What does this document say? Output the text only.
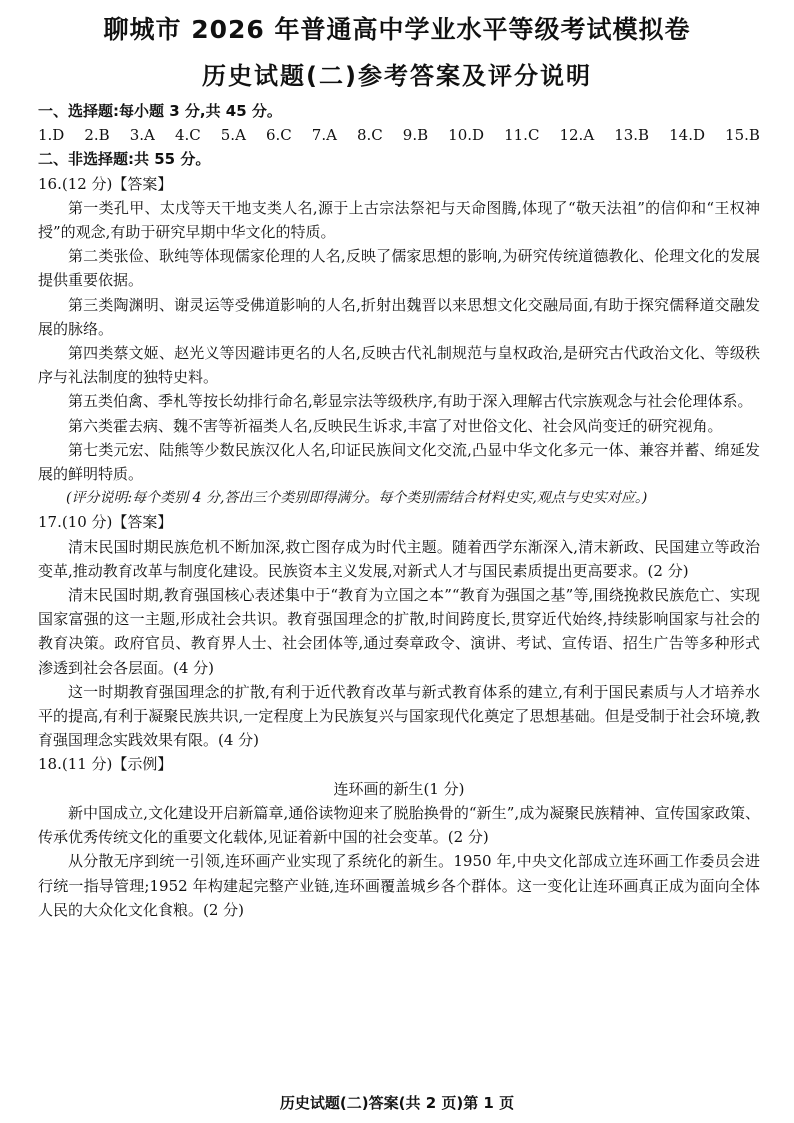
聊城市 2026 年普通高中学业水平等级考试模拟卷
历史试题(二)参考答案及评分说明

一、选择题:每小题 3 分,共 45 分。

1.D 2.B 3.A 4.C 5.A 6.C 7.A 8.C 9.B 10.D 11.C 12.A 13.B 14.D 15.B

二、非选择题:共 55 分。

16.(12 分)【答案】

第一类孔甲、太戊等天干地支类人名,源于上古宗法祭祀与天命图腾,体现了“敬天法祖”的信仰和“王权神授”的观念,有助于研究早期中华文化的特质。

第二类张俭、耿纯等体现儒家伦理的人名,反映了儒家思想的影响,为研究传统道德教化、伦理文化的发展提供重要依据。

第三类陶渊明、谢灵运等受佛道影响的人名,折射出魏晋以来思想文化交融局面,有助于探究儒释道交融发展的脉络。

第四类蔡文姬、赵光义等因避讳更名的人名,反映古代礼制规范与皇权政治,是研究古代政治文化、等级秩序与礼法制度的独特史料。

第五类伯禽、季札等按长幼排行命名,彰显宗法等级秩序,有助于深入理解古代宗族观念与社会伦理体系。

第六类霍去病、魏不害等祈福类人名,反映民生诉求,丰富了对世俗文化、社会风尚变迁的研究视角。

第七类元宏、陆熊等少数民族汉化人名,印证民族间文化交流,凸显中华文化多元一体、兼容并蓄、绵延发展的鲜明特质。

(评分说明:每个类别 4 分,答出三个类别即得满分。每个类别需结合材料史实,观点与史实对应。)

17.(10 分)【答案】

清末民国时期民族危机不断加深,救亡图存成为时代主题。随着西学东渐深入,清末新政、民国建立等政治变革,推动教育改革与制度化建设。民族资本主义发展,对新式人才与国民素质提出更高要求。(2 分)

清末民国时期,教育强国核心表述集中于“教育为立国之本”“教育为强国之基”等,围绕挽救民族危亡、实现国家富强的这一主题,形成社会共识。教育强国理念的扩散,时间跨度长,贯穿近代始终,持续影响国家与社会的教育决策。政府官员、教育界人士、社会团体等,通过奏章政令、演讲、考试、宣传语、招生广告等多种形式渗透到社会各层面。(4 分)

这一时期教育强国理念的扩散,有利于近代教育改革与新式教育体系的建立,有利于国民素质与人才培养水平的提高,有利于凝聚民族共识,一定程度上为民族复兴与国家现代化奠定了思想基础。但是受制于社会环境,教育强国理念实践效果有限。(4 分)

18.(11 分)【示例】

连环画的新生(1 分)

新中国成立,文化建设开启新篇章,通俗读物迎来了脱胎换骨的“新生”,成为凝聚民族精神、宣传国家政策、传承优秀传统文化的重要文化载体,见证着新中国的社会变革。(2 分)

从分散无序到统一引领,连环画产业实现了系统化的新生。1950 年,中央文化部成立连环画工作委员会进行统一指导管理;1952 年构建起完整产业链,连环画覆盖城乡各个群体。这一变化让连环画真正成为面向全体人民的大众化文化食粮。(2 分)

历史试题(二)答案(共 2 页)第 1 页
